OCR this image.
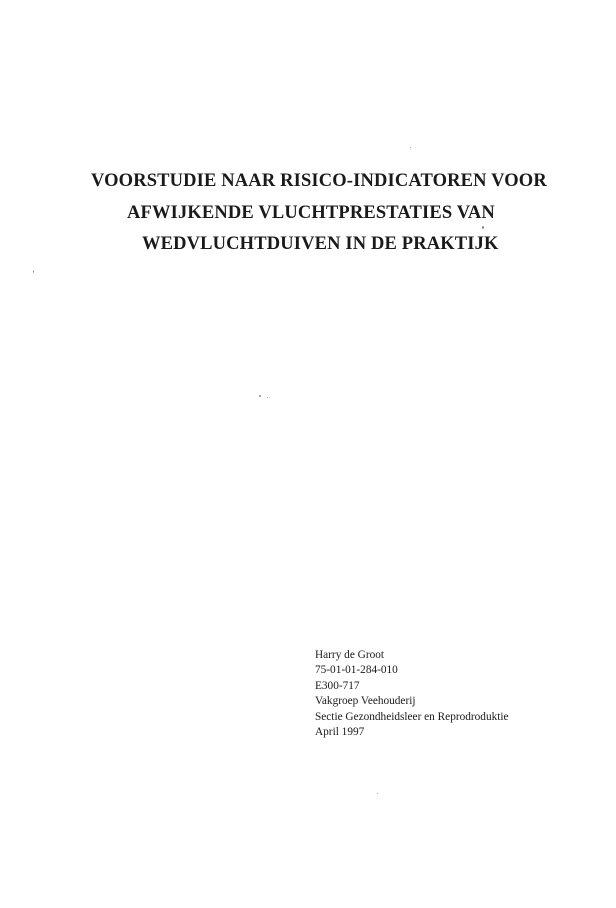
VOORSTUDIE NAAR RISICO-INDICATOREN VOOR
AFWIJKENDE VLUCHTPRESTATIES VAN
WEDVLUCHTDUIVEN IN DE PRAKTIJK
Harry de Groot
75-01-01-284-010
E300-717
Vakgroep Veehouderij
Sectie Gezondheidsleer en Reprodroduktie
April 1997
